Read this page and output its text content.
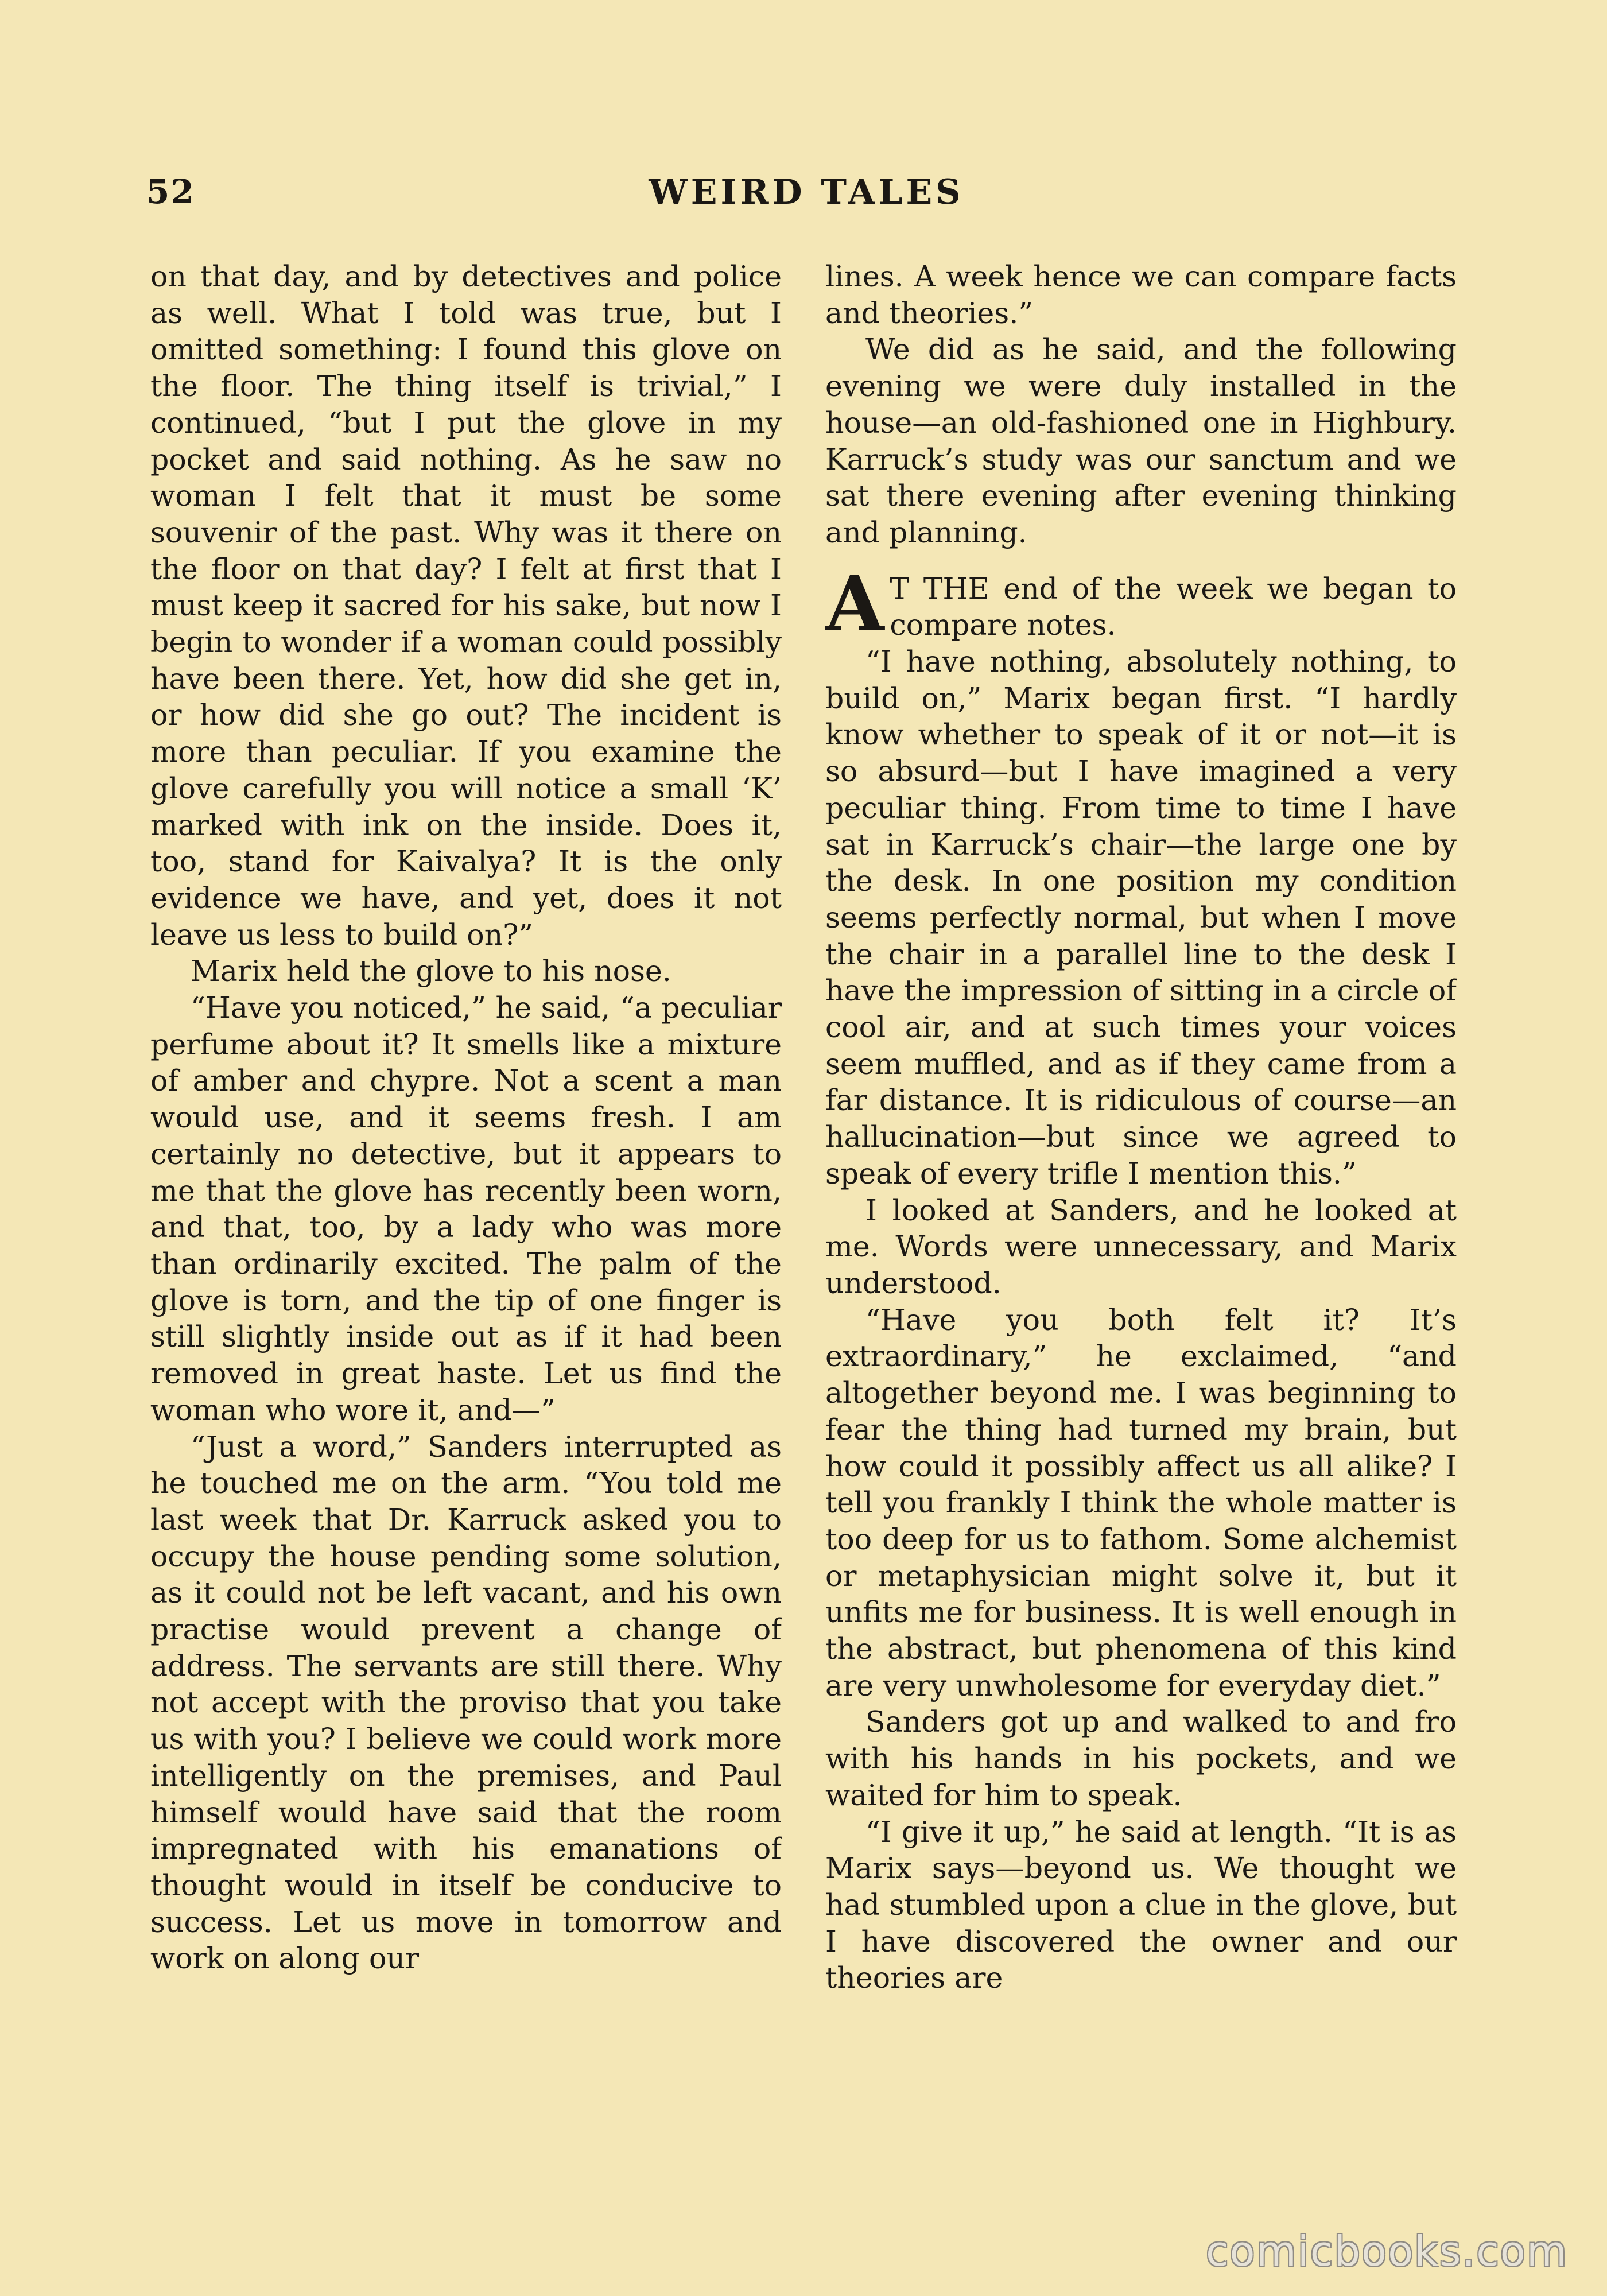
52	WEIRD TALES

on that day, and by detectives and police as well. What I told was true, but I omitted something: I found this glove on the floor. The thing itself is trivial,” I continued, “but I put the glove in my pocket and said nothing. As he saw no woman I felt that it must be some souvenir of the past. Why was it there on the floor on that day? I felt at first that I must keep it sacred for his sake, but now I begin to wonder if a woman could possibly have been there. Yet, how did she get in, or how did she go out? The incident is more than peculiar. If you examine the glove carefully you will notice a small ‘K’ marked with ink on the inside. Does it, too, stand for Kaivalya? It is the only evidence we have, and yet, does it not leave us less to build on?”

Marix held the glove to his nose.

“Have you noticed,” he said, “a peculiar perfume about it? It smells like a mixture of amber and chypre. Not a scent a man would use, and it seems fresh. I am certainly no detective, but it appears to me that the glove has recently been worn, and that, too, by a lady who was more than ordinarily excited. The palm of the glove is torn, and the tip of one finger is still slightly inside out as if it had been removed in great haste. Let us find the woman who wore it, and—”

“Just a word,” Sanders interrupted as he touched me on the arm. “You told me last week that Dr. Karruck asked you to occupy the house pending some solution, as it could not be left vacant, and his own practise would prevent a change of address. The servants are still there. Why not accept with the proviso that you take us with you? I believe we could work more intelligently on the premises, and Paul himself would have said that the room impregnated with his emanations of thought would in itself be conducive to success. Let us move in tomorrow and work on along our

lines. A week hence we can compare facts and theories.”

We did as he said, and the following evening we were duly installed in the house—an old-fashioned one in Highbury. Karruck’s study was our sanctum and we sat there evening after evening thinking and planning.

A T THE end of the week we began to compare notes.

“I have nothing, absolutely nothing, to build on,” Marix began first. “I hardly know whether to speak of it or not—it is so absurd—but I have imagined a very peculiar thing. From time to time I have sat in Karruck’s chair—the large one by the desk. In one position my condition seems perfectly normal, but when I move the chair in a parallel line to the desk I have the impression of sitting in a circle of cool air, and at such times your voices seem muffled, and as if they came from a far distance. It is ridiculous of course—an hallucination—but since we agreed to speak of every trifle I mention this.”

I looked at Sanders, and he looked at me. Words were unnecessary, and Marix understood.

“Have you both felt it? It’s extraordinary,” he exclaimed, “and altogether beyond me. I was beginning to fear the thing had turned my brain, but how could it possibly affect us all alike? I tell you frankly I think the whole matter is too deep for us to fathom. Some alchemist or metaphysician might solve it, but it unfits me for business. It is well enough in the abstract, but phenomena of this kind are very unwholesome for everyday diet.”

Sanders got up and walked to and fro with his hands in his pockets, and we waited for him to speak.

“I give it up,” he said at length. “It is as Marix says—beyond us. We thought we had stumbled upon a clue in the glove, but I have discovered the owner and our theories are

comicbooks.com
